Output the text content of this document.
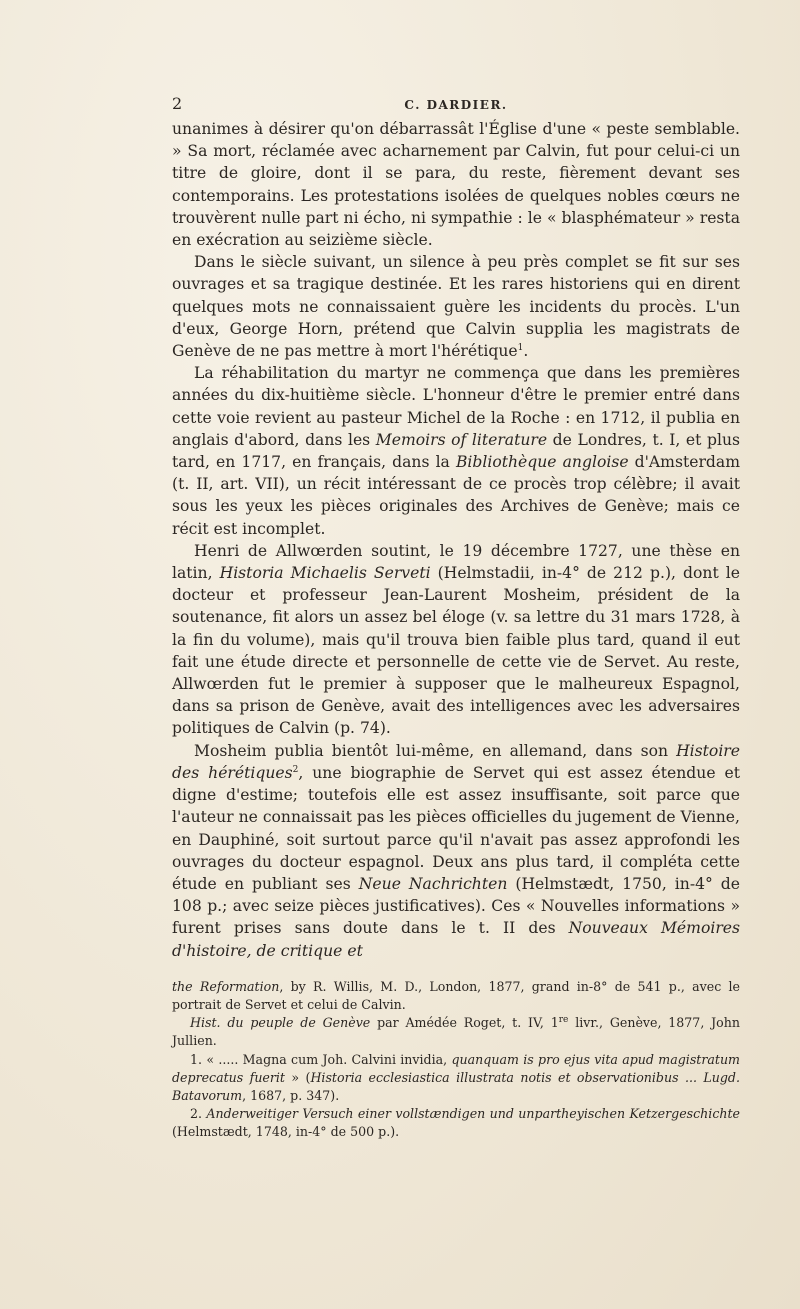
2	C. DARDIER.

unanimes à désirer qu'on débarrassât l'Église d'une « peste semblable. » Sa mort, réclamée avec acharnement par Calvin, fut pour celui-ci un titre de gloire, dont il se para, du reste, fièrement devant ses contemporains. Les protestations isolées de quelques nobles cœurs ne trouvèrent nulle part ni écho, ni sympathie : le « blasphémateur » resta en exécration au seizième siècle.

Dans le siècle suivant, un silence à peu près complet se fit sur ses ouvrages et sa tragique destinée. Et les rares historiens qui en dirent quelques mots ne connaissaient guère les incidents du procès. L'un d'eux, George Horn, prétend que Calvin supplia les magistrats de Genève de ne pas mettre à mort l'hérétique$^1$.

La réhabilitation du martyr ne commença que dans les premières années du dix-huitième siècle. L'honneur d'être le premier entré dans cette voie revient au pasteur Michel de la Roche : en 1712, il publia en anglais d'abord, dans les Memoirs of literature de Londres, t. I, et plus tard, en 1717, en français, dans la Bibliothèque angloise d'Amsterdam (t. II, art. VII), un récit intéressant de ce procès trop célèbre; il avait sous les yeux les pièces originales des Archives de Genève; mais ce récit est incomplet.

Henri de Allwœrden soutint, le 19 décembre 1727, une thèse en latin, Historia Michaelis Serveti (Helmstadii, in-4° de 212 p.), dont le docteur et professeur Jean-Laurent Mosheim, président de la soutenance, fit alors un assez bel éloge (v. sa lettre du 31 mars 1728, à la fin du volume), mais qu'il trouva bien faible plus tard, quand il eut fait une étude directe et personnelle de cette vie de Servet. Au reste, Allwœrden fut le premier à supposer que le malheureux Espagnol, dans sa prison de Genève, avait des intelligences avec les adversaires politiques de Calvin (p. 74).

Mosheim publia bientôt lui-même, en allemand, dans son Histoire des hérétiques$^2$, une biographie de Servet qui est assez étendue et digne d'estime; toutefois elle est assez insuffisante, soit parce que l'auteur ne connaissait pas les pièces officielles du jugement de Vienne, en Dauphiné, soit surtout parce qu'il n'avait pas assez approfondi les ouvrages du docteur espagnol. Deux ans plus tard, il compléta cette étude en publiant ses Neue Nachrichten (Helmstædt, 1750, in-4° de 108 p.; avec seize pièces justificatives). Ces « Nouvelles informations » furent prises sans doute dans le t. II des Nouveaux Mémoires d'histoire, de critique et

the Reformation, by R. Willis, M. D., London, 1877, grand in-8° de 541 p., avec le portrait de Servet et celui de Calvin.

Hist. du peuple de Genève par Amédée Roget, t. IV, 1re livr., Genève, 1877, John Jullien.

1. « ..... Magna cum Joh. Calvini invidia, quanquam is pro ejus vita apud magistratum deprecatus fuerit » (Historia ecclesiastica illustrata notis et observationibus ... Lugd. Batavorum, 1687, p. 347).

2. Anderweitiger Versuch einer vollstændigen und unpartheyischen Ketzergeschichte (Helmstædt, 1748, in-4° de 500 p.).
